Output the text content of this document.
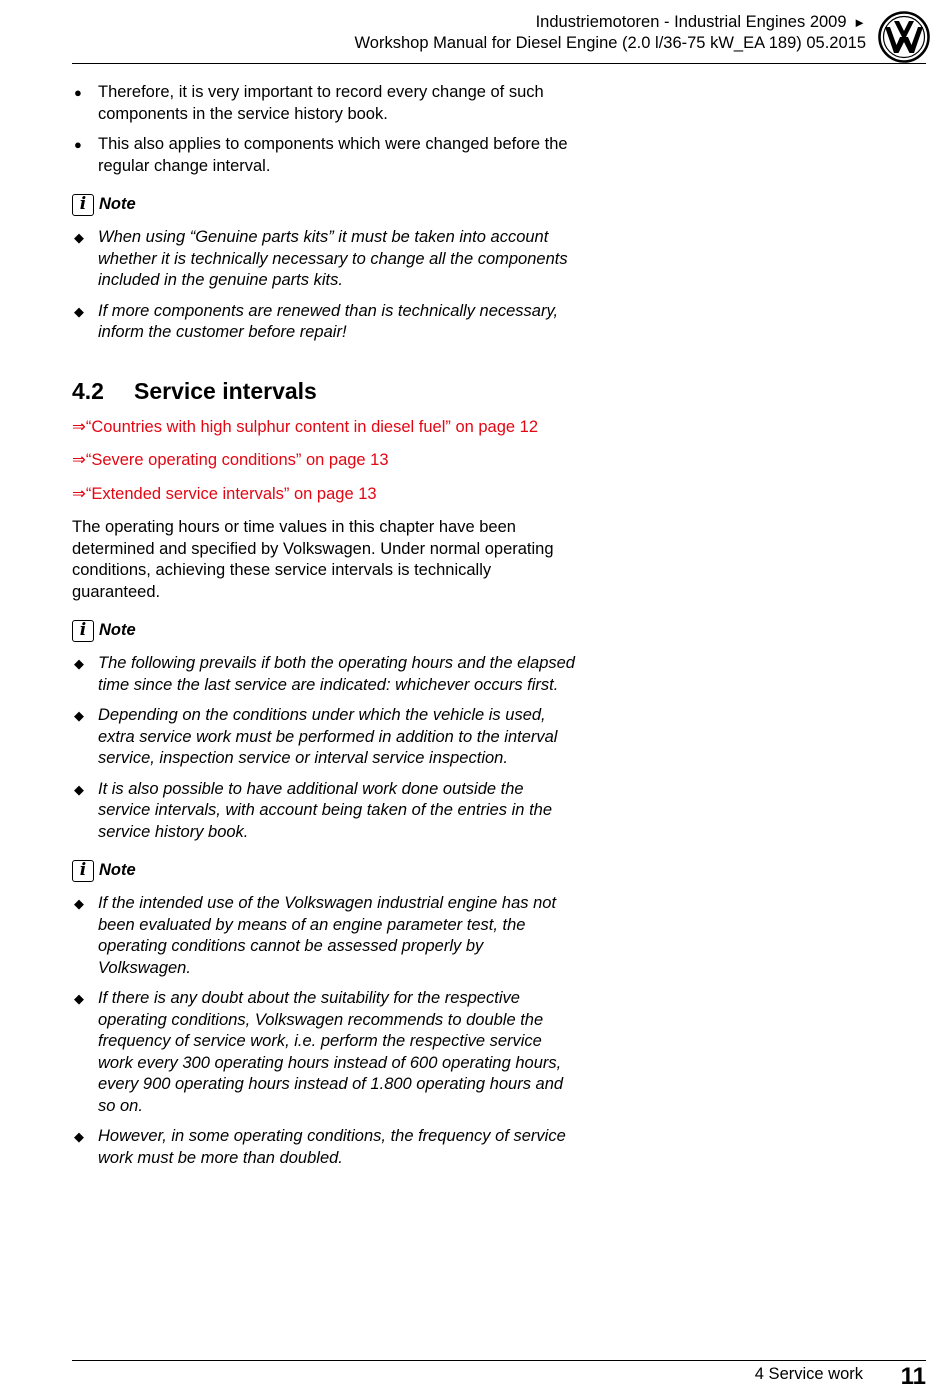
Industriemotoren - Industrial Engines 2009 ►
Workshop Manual for Diesel Engine (2.0 l/36-75 kW_EA 189) 05.2015
● Therefore, it is very important to record every change of such components in the service history book.
● This also applies to components which were changed before the regular change interval.
i Note
◆ When using “Genuine parts kits” it must be taken into account whether it is technically necessary to change all the components included in the genuine parts kits.
◆ If more components are renewed than is technically necessary, inform the customer before repair!
4.2 Service intervals
⇒“Countries with high sulphur content in diesel fuel” on page 12
⇒“Severe operating conditions” on page 13
⇒“Extended service intervals” on page 13
The operating hours or time values in this chapter have been determined and specified by Volkswagen. Under normal operating conditions, achieving these service intervals is technically guaranteed.
i Note
◆ The following prevails if both the operating hours and the elapsed time since the last service are indicated: whichever occurs first.
◆ Depending on the conditions under which the vehicle is used, extra service work must be performed in addition to the interval service, inspection service or interval service inspection.
◆ It is also possible to have additional work done outside the service intervals, with account being taken of the entries in the service history book.
i Note
◆ If the intended use of the Volkswagen industrial engine has not been evaluated by means of an engine parameter test, the operating conditions cannot be assessed properly by Volkswagen.
◆ If there is any doubt about the suitability for the respective operating conditions, Volkswagen recommends to double the frequency of service work, i.e. perform the respective service work every 300 operating hours instead of 600 operating hours, every 900 operating hours instead of 1.800 operating hours and so on.
◆ However, in some operating conditions, the frequency of service work must be more than doubled.
4 Service work 11
